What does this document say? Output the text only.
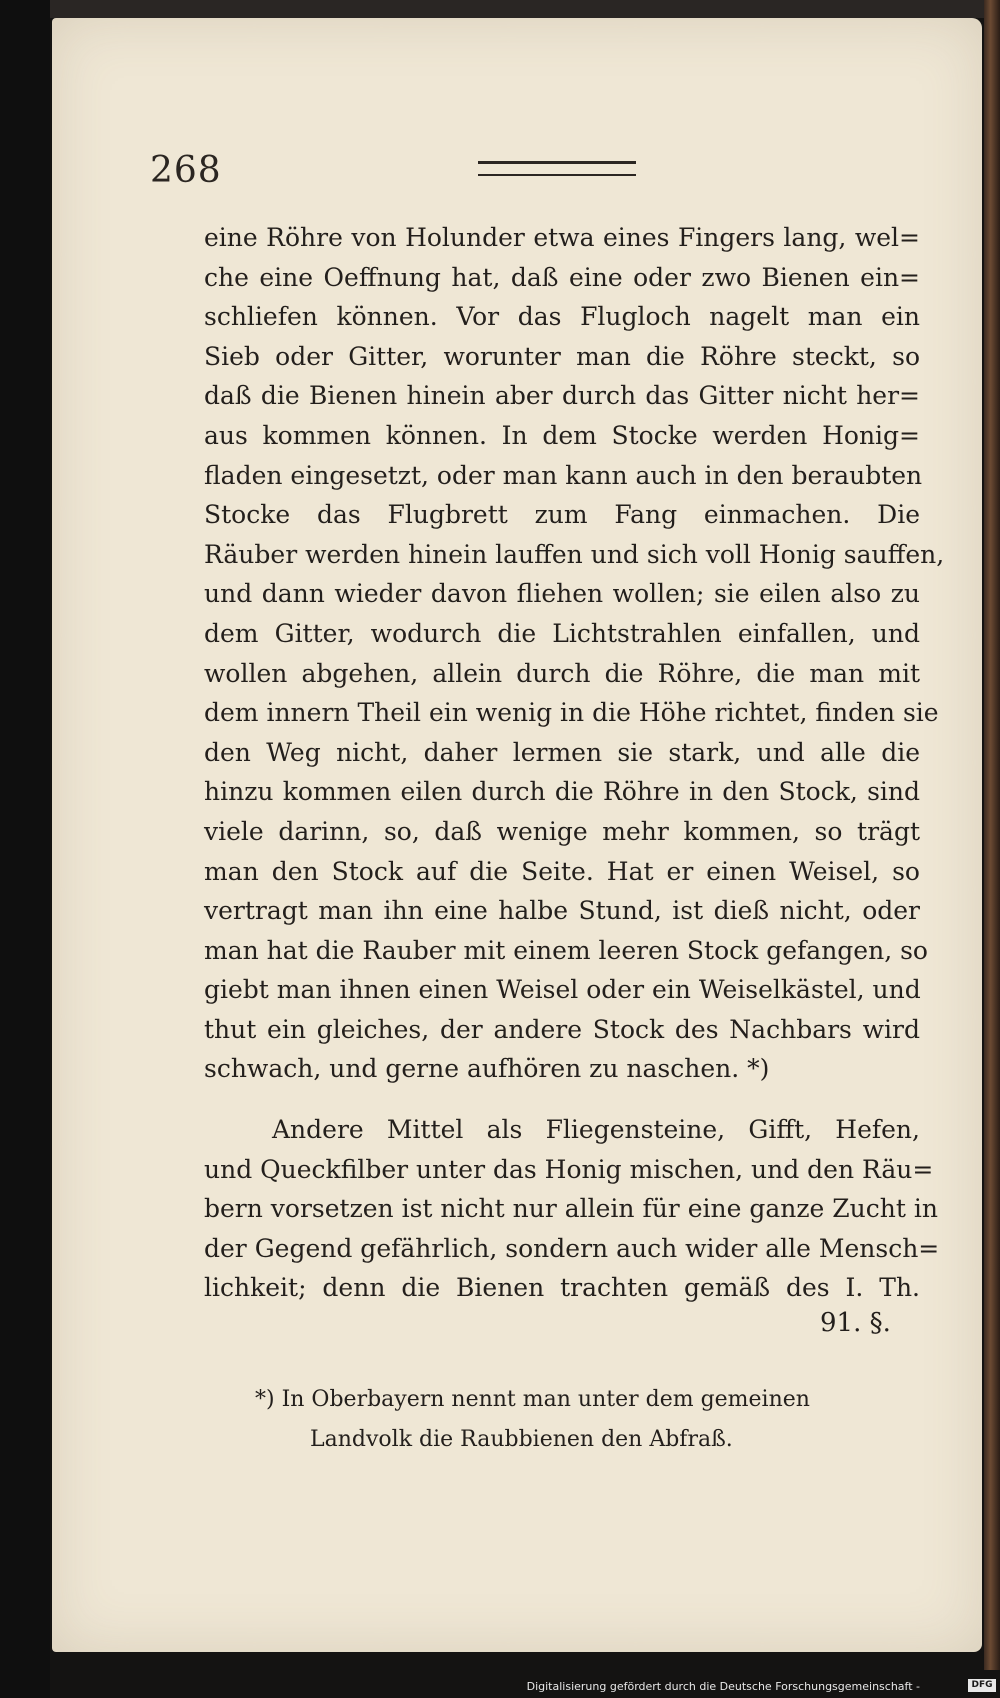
268
eine Röhre von Holunder etwa eines Fingers lang, wel=
che eine Oeffnung hat, daß eine oder zwo Bienen ein=
schliefen können. Vor das Flugloch nagelt man ein
Sieb oder Gitter, worunter man die Röhre steckt, so
daß die Bienen hinein aber durch das Gitter nicht her=
aus kommen können. In dem Stocke werden Honig=
fladen eingesetzt, oder man kann auch in den beraubten
Stocke das Flugbrett zum Fang einmachen. Die
Räuber werden hinein lauffen und sich voll Honig sauffen,
und dann wieder davon fliehen wollen; sie eilen also zu
dem Gitter, wodurch die Lichtstrahlen einfallen, und
wollen abgehen, allein durch die Röhre, die man mit
dem innern Theil ein wenig in die Höhe richtet, finden sie
den Weg nicht, daher lermen sie stark, und alle die
hinzu kommen eilen durch die Röhre in den Stock, sind
viele darinn, so, daß wenige mehr kommen, so trägt
man den Stock auf die Seite. Hat er einen Weisel, so
vertragt man ihn eine halbe Stund, ist dieß nicht, oder
man hat die Rauber mit einem leeren Stock gefangen, so
giebt man ihnen einen Weisel oder ein Weiselkästel, und
thut ein gleiches, der andere Stock des Nachbars wird
schwach, und gerne aufhören zu naschen. *)
Andere Mittel als Fliegensteine, Gifft, Hefen,
und Queckfilber unter das Honig mischen, und den Räu=
bern vorsetzen ist nicht nur allein für eine ganze Zucht in
der Gegend gefährlich, sondern auch wider alle Mensch=
lichkeit; denn die Bienen trachten gemäß des I. Th.
91. §.
*) In Oberbayern nennt man unter dem gemeinen
Landvolk die Raubbienen den Abfraß.
Digitalisierung gefördert durch die Deutsche Forschungsgemeinschaft -	DFG
